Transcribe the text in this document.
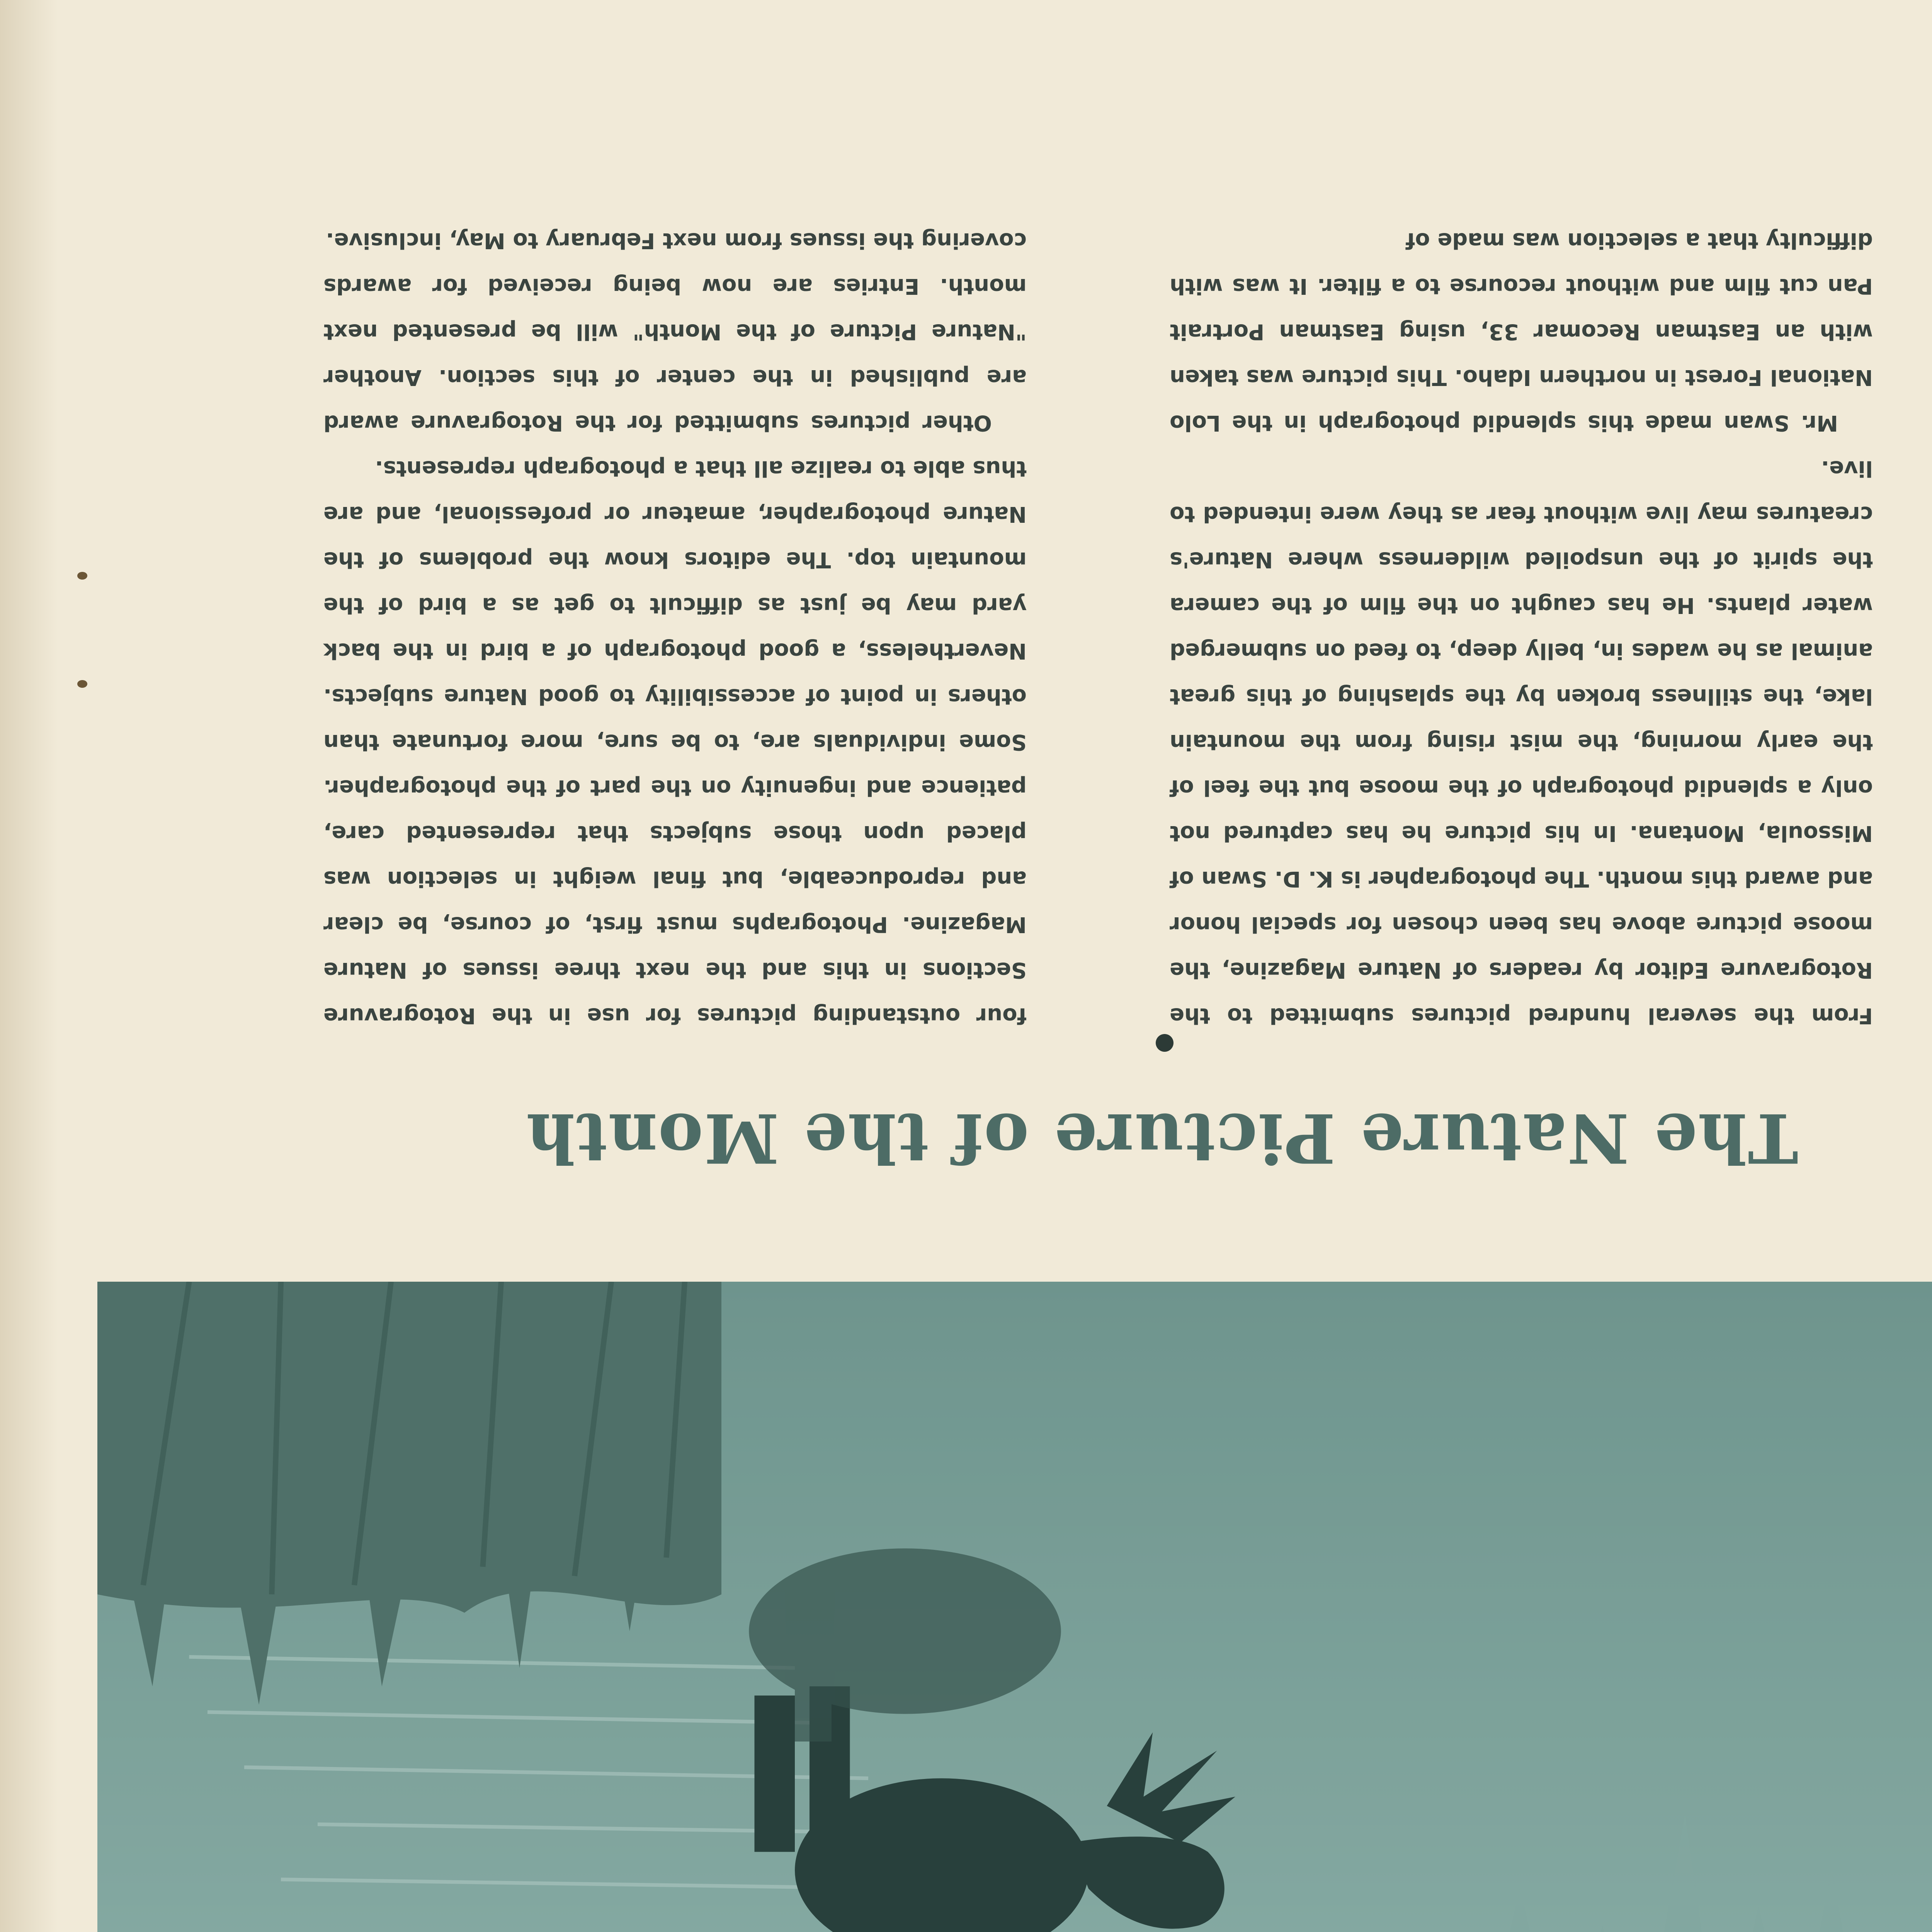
The Nature Picture of the Month

From the several hundred pictures submitted to the Rotogravure Editor by readers of Nature Magazine, the moose picture above has been chosen for special honor and award this month. The photographer is K. D. Swan of Missoula, Montana. In his picture he has captured not only a splendid photograph of the moose but the feel of the early morning, the mist rising from the mountain lake, the stillness broken by the splashing of this great animal as he wades in, belly deep, to feed on submerged water plants. He has caught on the film of the camera the spirit of the unspoiled wilderness where Nature's creatures may live without fear as they were intended to live.

Mr. Swan made this splendid photograph in the Lolo National Forest in northern Idaho. This picture was taken with an Eastman Recomar 33, using Eastman Portrait Pan cut film and without recourse to a filter. It was with difficulty that a selection was made of

four outstanding pictures for use in the Rotogravure Sections in this and the next three issues of Nature Magazine. Photographs must first, of course, be clear and reproduceable, but final weight in selection was placed upon those subjects that represented care, patience and ingenuity on the part of the photographer. Some individuals are, to be sure, more fortunate than others in point of accessibility to good Nature subjects. Nevertheless, a good photograph of a bird in the back yard may be just as difficult to get as a bird of the mountain top. The editors know the problems of the Nature photographer, amateur or professional, and are thus able to realize all that a photograph represents.

Other pictures submitted for the Rotogravure award are published in the center of this section. Another "Nature Picture of the Month" will be presented next month. Entries are now being received for awards covering the issues from next February to May, inclusive.
